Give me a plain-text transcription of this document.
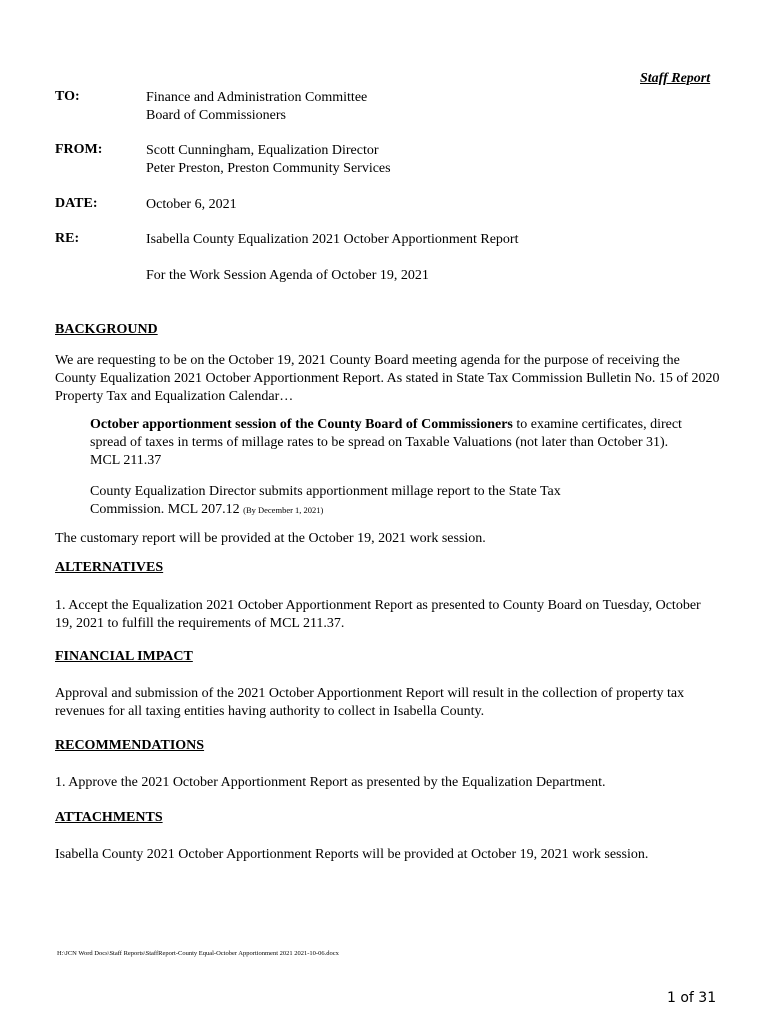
Staff Report
TO:	Finance and Administration Committee
Board of Commissioners
FROM:	Scott Cunningham, Equalization Director
Peter Preston, Preston Community Services
DATE:	October 6, 2021
RE:	Isabella County Equalization 2021 October Apportionment Report
For the Work Session Agenda of October 19, 2021
BACKGROUND

We are requesting to be on the October 19, 2021 County Board meeting agenda for the purpose of receiving the County Equalization 2021 October Apportionment Report. As stated in State Tax Commission Bulletin No. 15 of 2020 Property Tax and Equalization Calendar…

October apportionment session of the County Board of Commissioners to examine certificates, direct spread of taxes in terms of millage rates to be spread on Taxable Valuations (not later than October 31). MCL 211.37

County Equalization Director submits apportionment millage report to the State Tax Commission. MCL 207.12 (By December 1, 2021)

The customary report will be provided at the October 19, 2021 work session.

ALTERNATIVES

1. Accept the Equalization 2021 October Apportionment Report as presented to County Board on Tuesday, October 19, 2021 to fulfill the requirements of MCL 211.37.

FINANCIAL IMPACT

Approval and submission of the 2021 October Apportionment Report will result in the collection of property tax revenues for all taxing entities having authority to collect in Isabella County.

RECOMMENDATIONS

1. Approve the 2021 October Apportionment Report as presented by the Equalization Department.

ATTACHMENTS

Isabella County 2021 October Apportionment Reports will be provided at October 19, 2021 work session.

H:\JCN Word Docs\Staff Reports\StaffReport-County Equal-October Apportionment 2021 2021-10-06.docx
1 of 31
